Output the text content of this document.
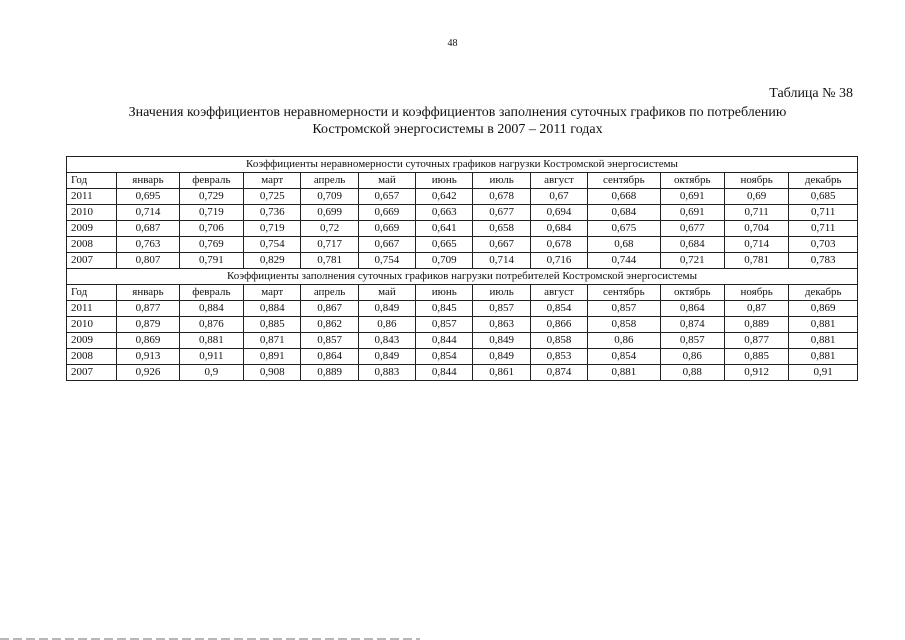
48
Таблица № 38
Значения коэффициентов неравномерности и коэффициентов заполнения суточных графиков по потреблению
Костромской энергосистемы в 2007 – 2011 годах
Коэффициенты неравномерности суточных графиков нагрузки Костромской энергосистемы												
Год	январь	февраль	март	апрель	май	июнь	июль	август	сентябрь	октябрь	ноябрь	декабрь
2011	0,695	0,729	0,725	0,709	0,657	0,642	0,678	0,67	0,668	0,691	0,69	0,685
2010	0,714	0,719	0,736	0,699	0,669	0,663	0,677	0,694	0,684	0,691	0,711	0,711
2009	0,687	0,706	0,719	0,72	0,669	0,641	0,658	0,684	0,675	0,677	0,704	0,711
2008	0,763	0,769	0,754	0,717	0,667	0,665	0,667	0,678	0,68	0,684	0,714	0,703
2007	0,807	0,791	0,829	0,781	0,754	0,709	0,714	0,716	0,744	0,721	0,781	0,783
Коэффициенты заполнения суточных графиков нагрузки потребителей Костромской энергосистемы												
Год	январь	февраль	март	апрель	май	июнь	июль	август	сентябрь	октябрь	ноябрь	декабрь
2011	0,877	0,884	0,884	0,867	0,849	0,845	0,857	0,854	0,857	0,864	0,87	0,869
2010	0,879	0,876	0,885	0,862	0,86	0,857	0,863	0,866	0,858	0,874	0,889	0,881
2009	0,869	0,881	0,871	0,857	0,843	0,844	0,849	0,858	0,86	0,857	0,877	0,881
2008	0,913	0,911	0,891	0,864	0,849	0,854	0,849	0,853	0,854	0,86	0,885	0,881
2007	0,926	0,9	0,908	0,889	0,883	0,844	0,861	0,874	0,881	0,88	0,912	0,91
